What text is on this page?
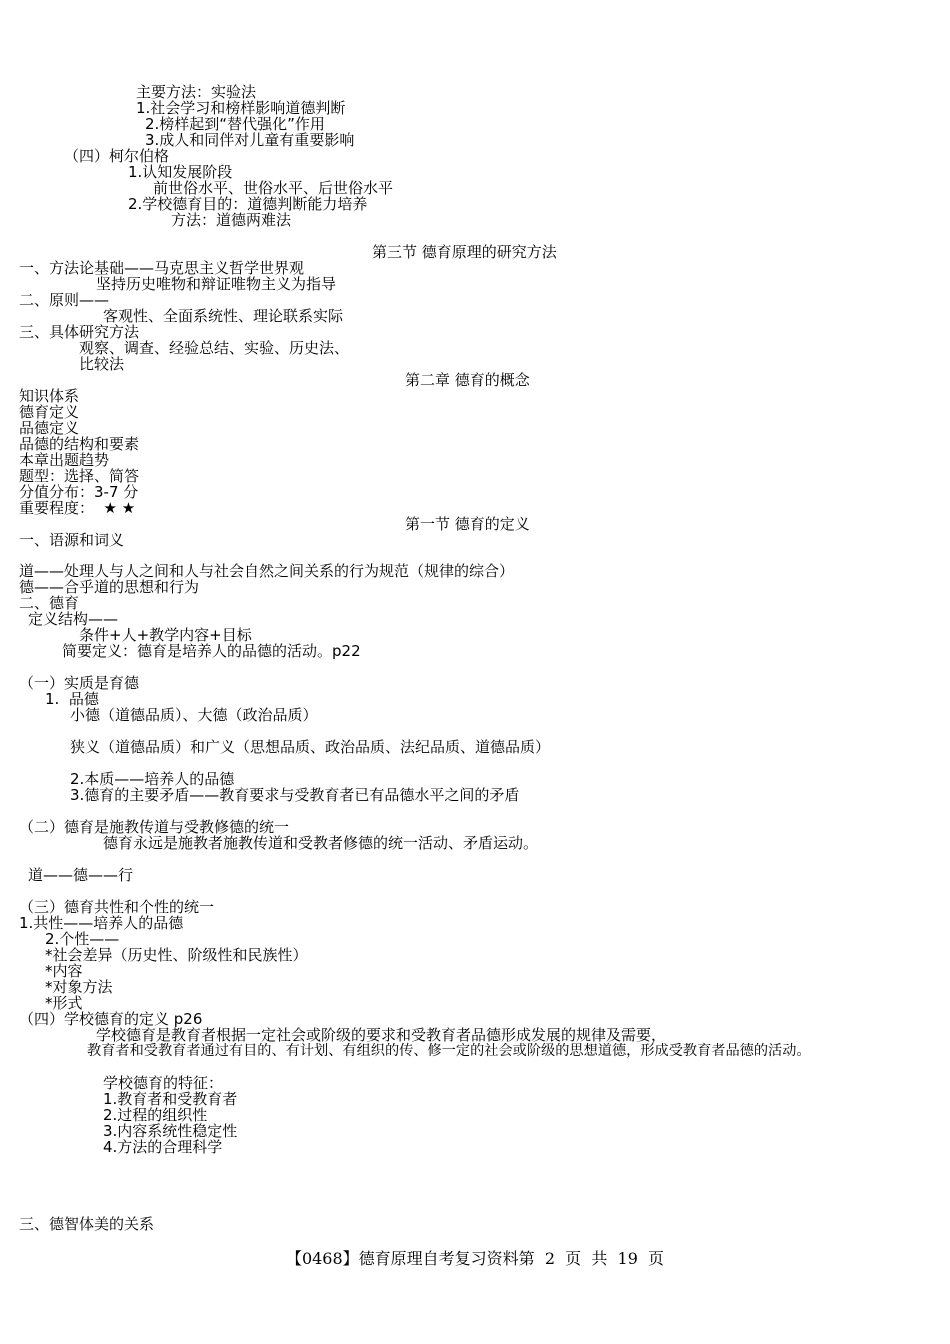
主要方法：实验法
1.社会学习和榜样影响道德判断
2.榜样起到“替代强化”作用
3.成人和同伴对儿童有重要影响
（四）柯尔伯格
1.认知发展阶段
前世俗水平、世俗水平、后世俗水平
2.学校德育目的：道德判断能力培养
方法：道德两难法
第三节 德育原理的研究方法
一、方法论基础——马克思主义哲学世界观
坚持历史唯物和辩证唯物主义为指导
二、原则——
客观性、全面系统性、理论联系实际
三、具体研究方法
观察、调查、经验总结、实验、历史法、
比较法
第二章 德育的概念
知识体系
德育定义
品德定义
品德的结构和要素
本章出题趋势
题型：选择、简答
分值分布：3-7 分
重要程度：  ★ ★
第一节 德育的定义
一、语源和词义
道——处理人与人之间和人与社会自然之间关系的行为规范（规律的综合）
德——合乎道的思想和行为
二、德育
定义结构——
条件+人+教学内容+目标
简要定义：德育是培养人的品德的活动。p22
（一）实质是育德
1.  品德
小德（道德品质）、大德（政治品质）
狭义（道德品质）和广义（思想品质、政治品质、法纪品质、道德品质）
2.本质——培养人的品德
3.德育的主要矛盾——教育要求与受教育者已有品德水平之间的矛盾
（二）德育是施教传道与受教修德的统一
德育永远是施教者施教传道和受教者修德的统一活动、矛盾运动。
道——德——行
（三）德育共性和个性的统一
1.共性——培养人的品德
2.个性——
*社会差异（历史性、阶级性和民族性）
*内容
*对象方法
*形式
（四）学校德育的定义 p26
学校德育是教育者根据一定社会或阶级的要求和受教育者品德形成发展的规律及需要，
教育者和受教育者通过有目的、有计划、有组织的传、修一定的社会或阶级的思想道德，形成受教育者品德的活动。
学校德育的特征：
1.教育者和受教育者
2.过程的组织性
3.内容系统性稳定性
4.方法的合理科学
三、德智体美的关系
【0468】德育原理自考复习资料第  2  页  共  19  页
